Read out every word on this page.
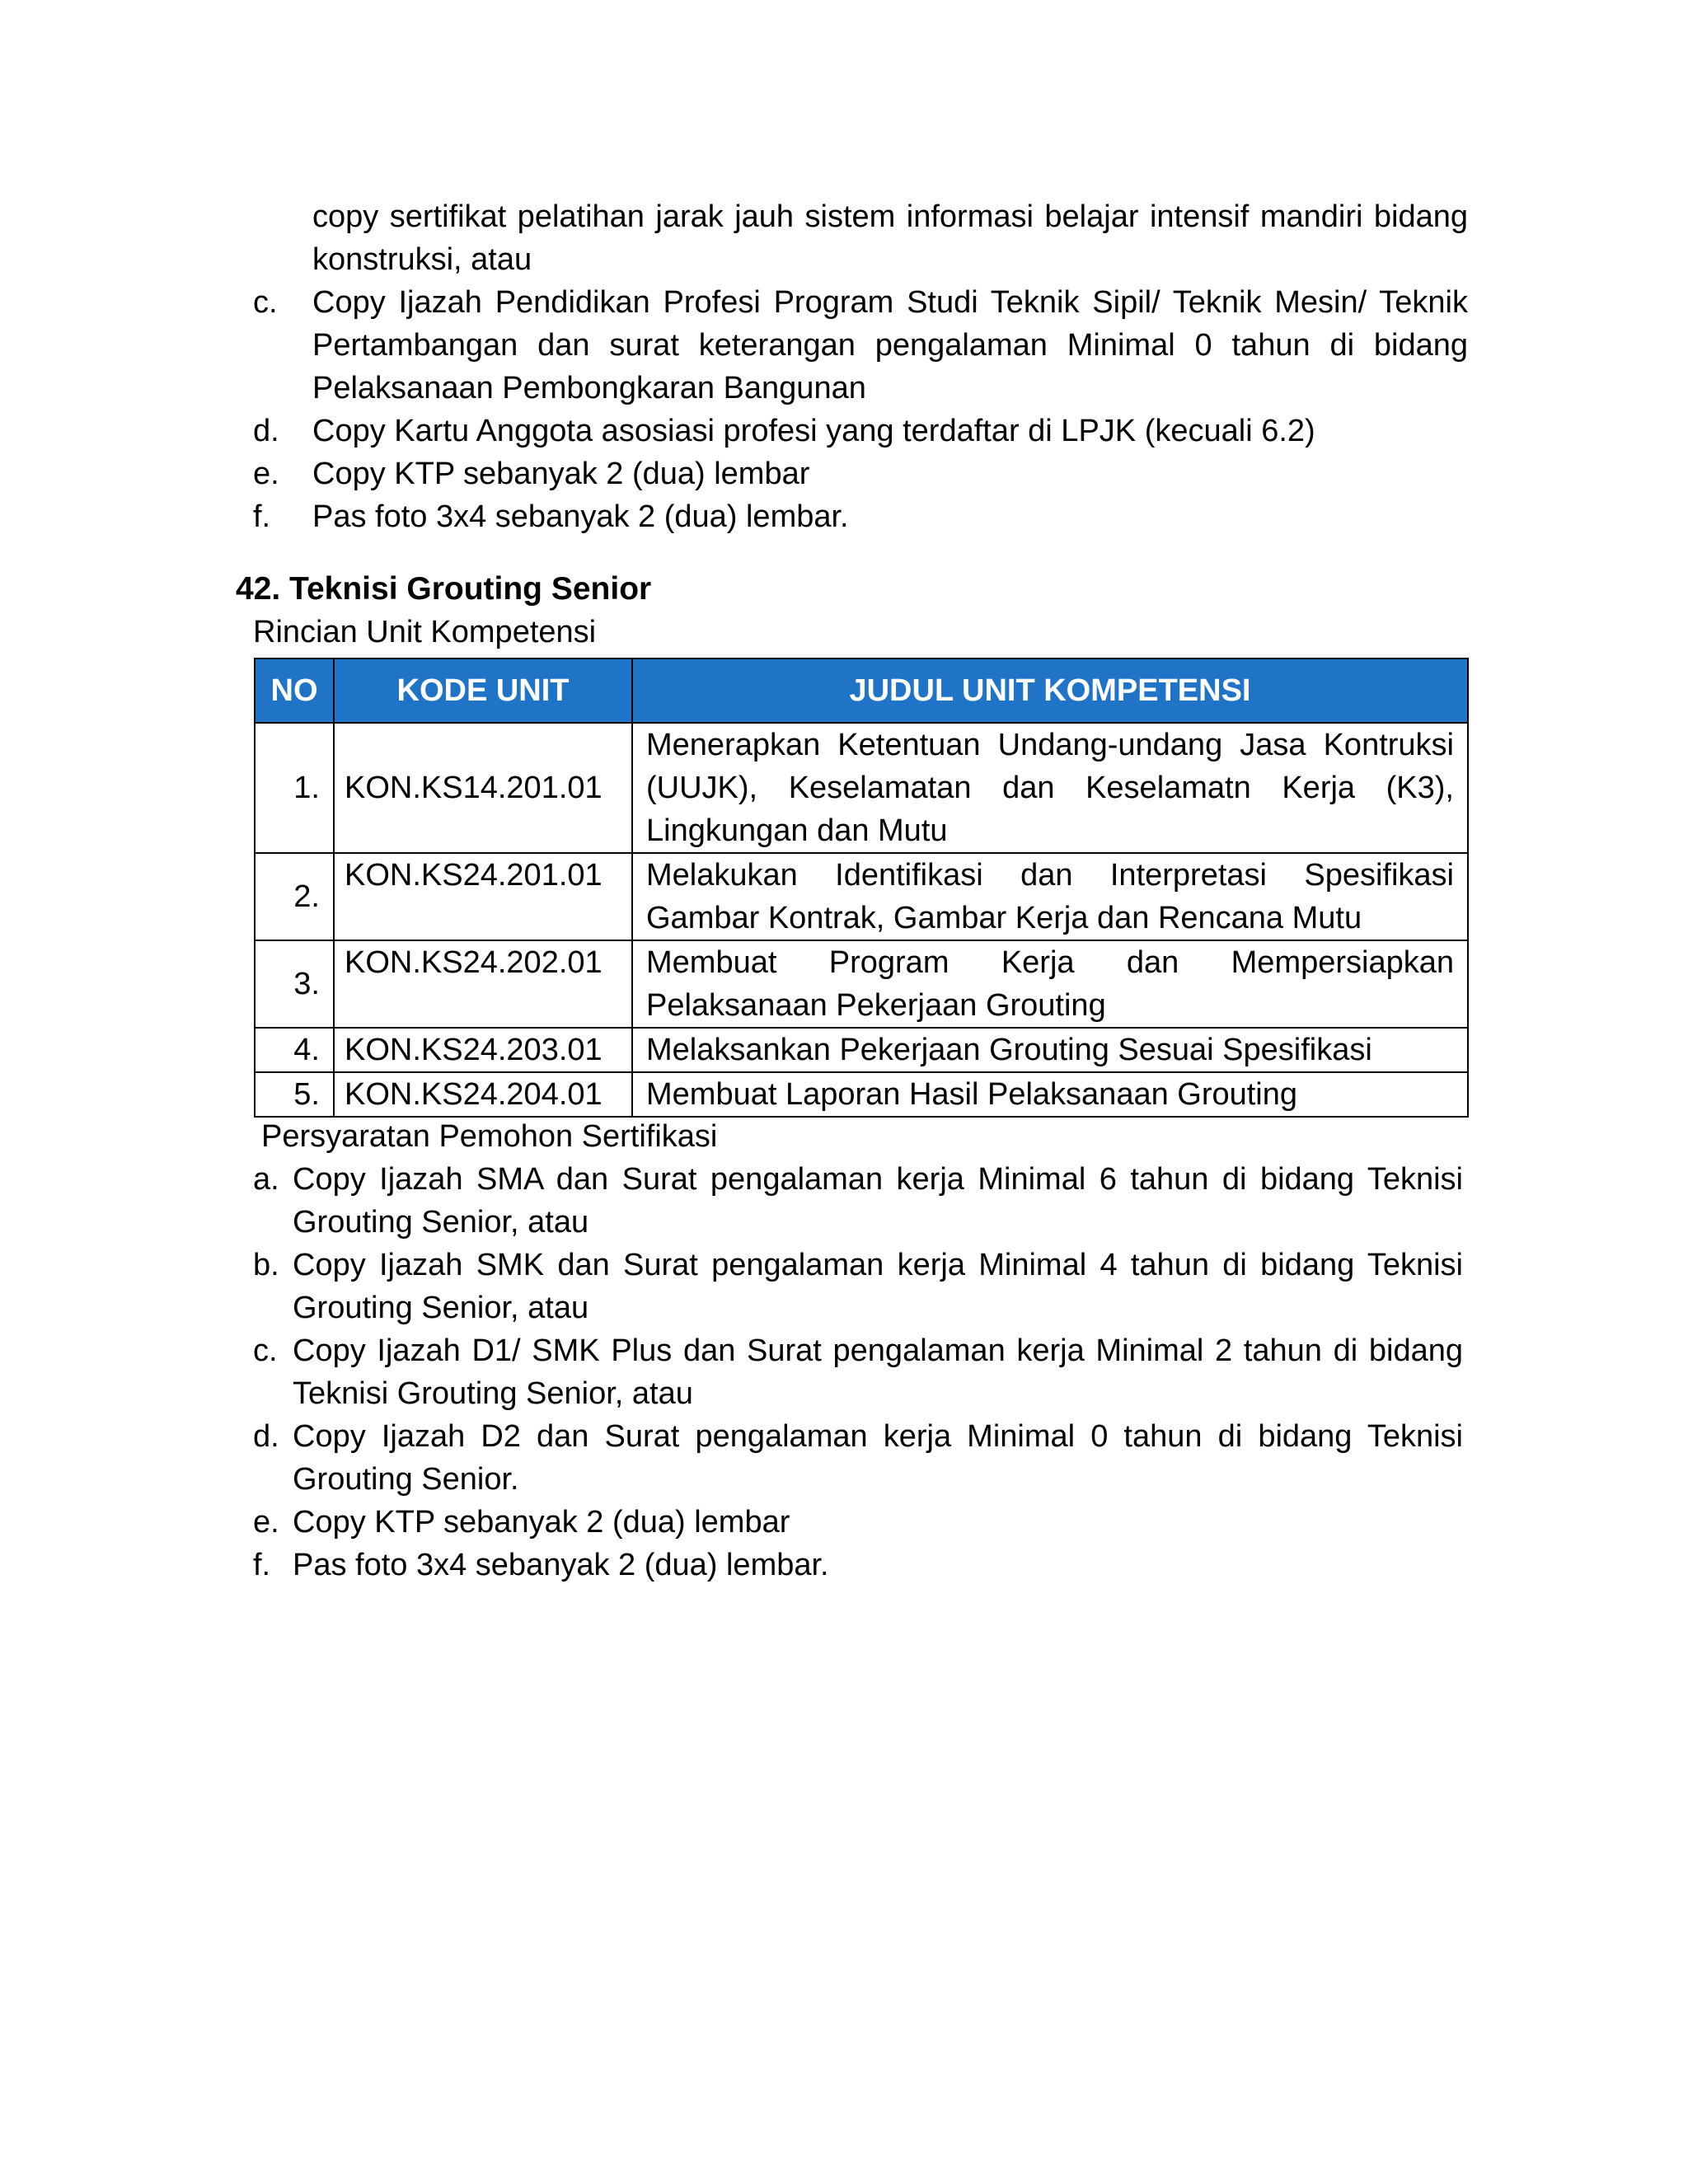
copy sertifikat pelatihan jarak jauh sistem informasi belajar intensif mandiri bidang konstruksi, atau
c. Copy Ijazah Pendidikan Profesi Program Studi Teknik Sipil/ Teknik Mesin/ Teknik Pertambangan dan surat keterangan pengalaman Minimal 0 tahun di bidang Pelaksanaan Pembongkaran Bangunan
d. Copy Kartu Anggota asosiasi profesi yang terdaftar di LPJK (kecuali 6.2)
e. Copy KTP sebanyak 2 (dua) lembar
f. Pas foto 3x4 sebanyak 2 (dua) lembar.
42. Teknisi Grouting Senior
Rincian Unit Kompetensi
NO	KODE UNIT	JUDUL UNIT KOMPETENSI
1.	KON.KS14.201.01	Menerapkan Ketentuan Undang-undang Jasa Kontruksi (UUJK), Keselamatan dan Keselamatn Kerja (K3), Lingkungan dan Mutu
2.	KON.KS24.201.01	Melakukan Identifikasi dan Interpretasi Spesifikasi Gambar Kontrak, Gambar Kerja dan Rencana Mutu
3.	KON.KS24.202.01	Membuat Program Kerja dan Mempersiapkan Pelaksanaan Pekerjaan Grouting
4.	KON.KS24.203.01	Melaksankan Pekerjaan Grouting Sesuai Spesifikasi
5.	KON.KS24.204.01	Membuat Laporan Hasil Pelaksanaan Grouting
Persyaratan Pemohon Sertifikasi
a. Copy Ijazah SMA dan Surat pengalaman kerja Minimal 6 tahun di bidang Teknisi Grouting Senior, atau
b. Copy Ijazah SMK dan Surat pengalaman kerja Minimal 4 tahun di bidang Teknisi Grouting Senior, atau
c. Copy Ijazah D1/ SMK Plus dan Surat pengalaman kerja Minimal 2 tahun di bidang Teknisi Grouting Senior, atau
d. Copy Ijazah D2 dan Surat pengalaman kerja Minimal 0 tahun di bidang Teknisi Grouting Senior.
e. Copy KTP sebanyak 2 (dua) lembar
f. Pas foto 3x4 sebanyak 2 (dua) lembar.
